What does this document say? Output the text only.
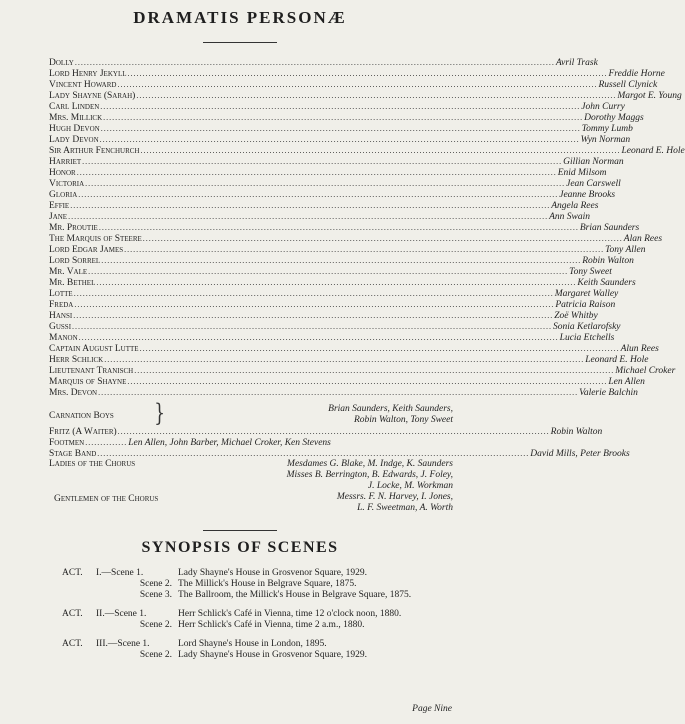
DRAMATIS PERSONÆ
Dolly ................................................................................................................................................................ Avril Trask
Lord Henry Jekyll ................................................................................................................................................................ Freddie Horne
Vincent Howard ................................................................................................................................................................ Russell Clynick
Lady Shayne (Sarah) ................................................................................................................................................................ Margot E. Young
Carl Linden ................................................................................................................................................................ John Curry
Mrs. Millick ................................................................................................................................................................ Dorothy Maggs
Hugh Devon ................................................................................................................................................................ Tommy Lumb
Lady Devon ................................................................................................................................................................ Wyn Norman
Sir Arthur Fenchurch ................................................................................................................................................................ Leonard E. Hole
Harriet ................................................................................................................................................................ Gillian Norman
Honor ................................................................................................................................................................ Enid Milsom
Victoria ................................................................................................................................................................ Jean Carswell
Gloria ................................................................................................................................................................ Jeanne Brooks
Effie ................................................................................................................................................................ Angela Rees
Jane ................................................................................................................................................................ Ann Swain
Mr. Proutie ................................................................................................................................................................ Brian Saunders
The Marquis of Steere ................................................................................................................................................................ Alan Rees
Lord Edgar James ................................................................................................................................................................ Tony Allen
Lord Sorrel ................................................................................................................................................................ Robin Walton
Mr. Vale ................................................................................................................................................................ Tony Sweet
Mr. Bethel ................................................................................................................................................................ Keith Saunders
Lotte ................................................................................................................................................................ Margaret Walley
Freda ................................................................................................................................................................ Patricia Raison
Hansi ................................................................................................................................................................ Zoë Whitby
Gussi ................................................................................................................................................................ Sonia Ketlarofsky
Manon ................................................................................................................................................................ Lucia Etchells
Captain August Lutte ................................................................................................................................................................ Alun Rees
Herr Schlick ................................................................................................................................................................ Leonard E. Hole
Lieutenant Tranisch ................................................................................................................................................................ Michael Croker
Marquis of Shayne ................................................................................................................................................................ Len Allen
Mrs. Devon ................................................................................................................................................................ Valerie Balchin
Carnation Boys }	Brian Saunders, Keith Saunders,
Robin Walton, Tony Sweet
Fritz (A Waiter) ................................................................................................................................................ Robin Walton
Footmen .............. Len Allen, John Barber, Michael Croker, Ken Stevens
Stage Band ................................................................................................................................................ David Mills, Peter Brooks
Ladies of the Chorus	Mesdames G. Blake, M. Indge, K. Saunders
Misses B. Berrington, B. Edwards, J. Foley,
J. Locke, M. Workman
Gentlemen of the Chorus	Messrs. F. N. Harvey, I. Jones,
L. F. Sweetman, A. Worth
SYNOPSIS OF SCENES
ACT.	I.—Scene 1.	Lady Shayne's House in Grosvenor Square, 1929.
Scene 2. The Millick's House in Belgrave Square, 1875.
Scene 3. The Ballroom, the Millick's House in Belgrave Square, 1875.
ACT.	II.—Scene 1.	Herr Schlick's Café in Vienna, time 12 o'clock noon, 1880.
Scene 2. Herr Schlick's Café in Vienna, time 2 a.m., 1880.
ACT.	III.—Scene 1.	Lord Shayne's House in London, 1895.
Scene 2. Lady Shayne's House in Grosvenor Square, 1929.
Page Nine
